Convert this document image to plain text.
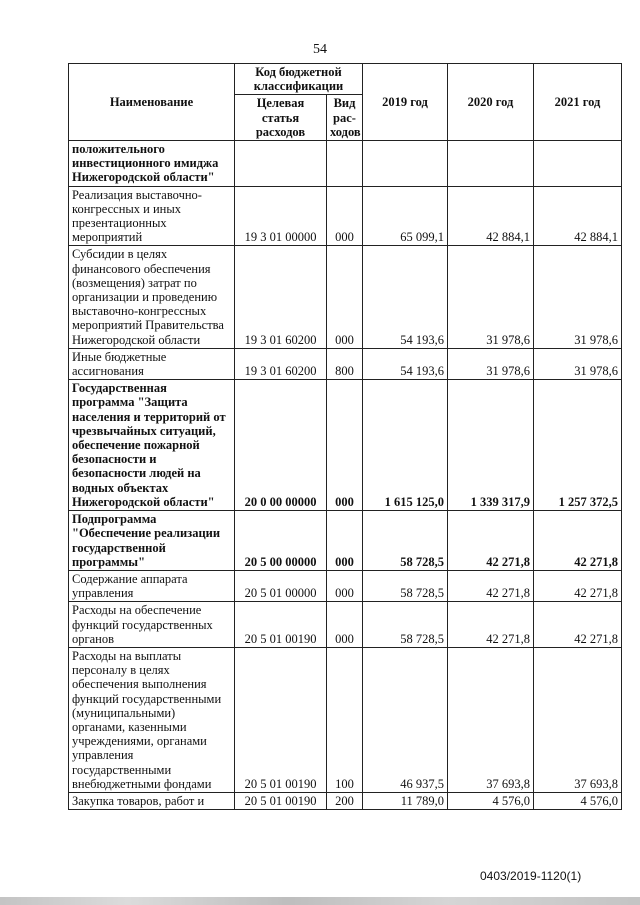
54
Наименование	Код бюджетной классификации		2019 год	2020 год	2021 год
	Целевая статья расходов	Вид рас-ходов			
положительного инвестиционного имиджа Нижегородской области"					
Реализация выставочно-конгрессных и иных презентационных мероприятий	19 3 01 00000	000	65 099,1	42 884,1	42 884,1
Субсидии в целях финансового обеспечения (возмещения) затрат по организации и проведению выставочно-конгрессных мероприятий Правительства Нижегородской области	19 3 01 60200	000	54 193,6	31 978,6	31 978,6
Иные бюджетные ассигнования	19 3 01 60200	800	54 193,6	31 978,6	31 978,6
Государственная программа "Защита населения и территорий от чрезвычайных ситуаций, обеспечение пожарной безопасности и безопасности людей на водных объектах Нижегородской области"	20 0 00 00000	000	1 615 125,0	1 339 317,9	1 257 372,5
Подпрограмма "Обеспечение реализации государственной программы"	20 5 00 00000	000	58 728,5	42 271,8	42 271,8
Содержание аппарата управления	20 5 01 00000	000	58 728,5	42 271,8	42 271,8
Расходы на обеспечение функций государственных органов	20 5 01 00190	000	58 728,5	42 271,8	42 271,8
Расходы на выплаты персоналу в целях обеспечения выполнения функций государственными (муниципальными) органами, казенными учреждениями, органами управления государственными внебюджетными фондами	20 5 01 00190	100	46 937,5	37 693,8	37 693,8
Закупка товаров, работ и	20 5 01 00190	200	11 789,0	4 576,0	4 576,0
0403/2019-1120(1)
